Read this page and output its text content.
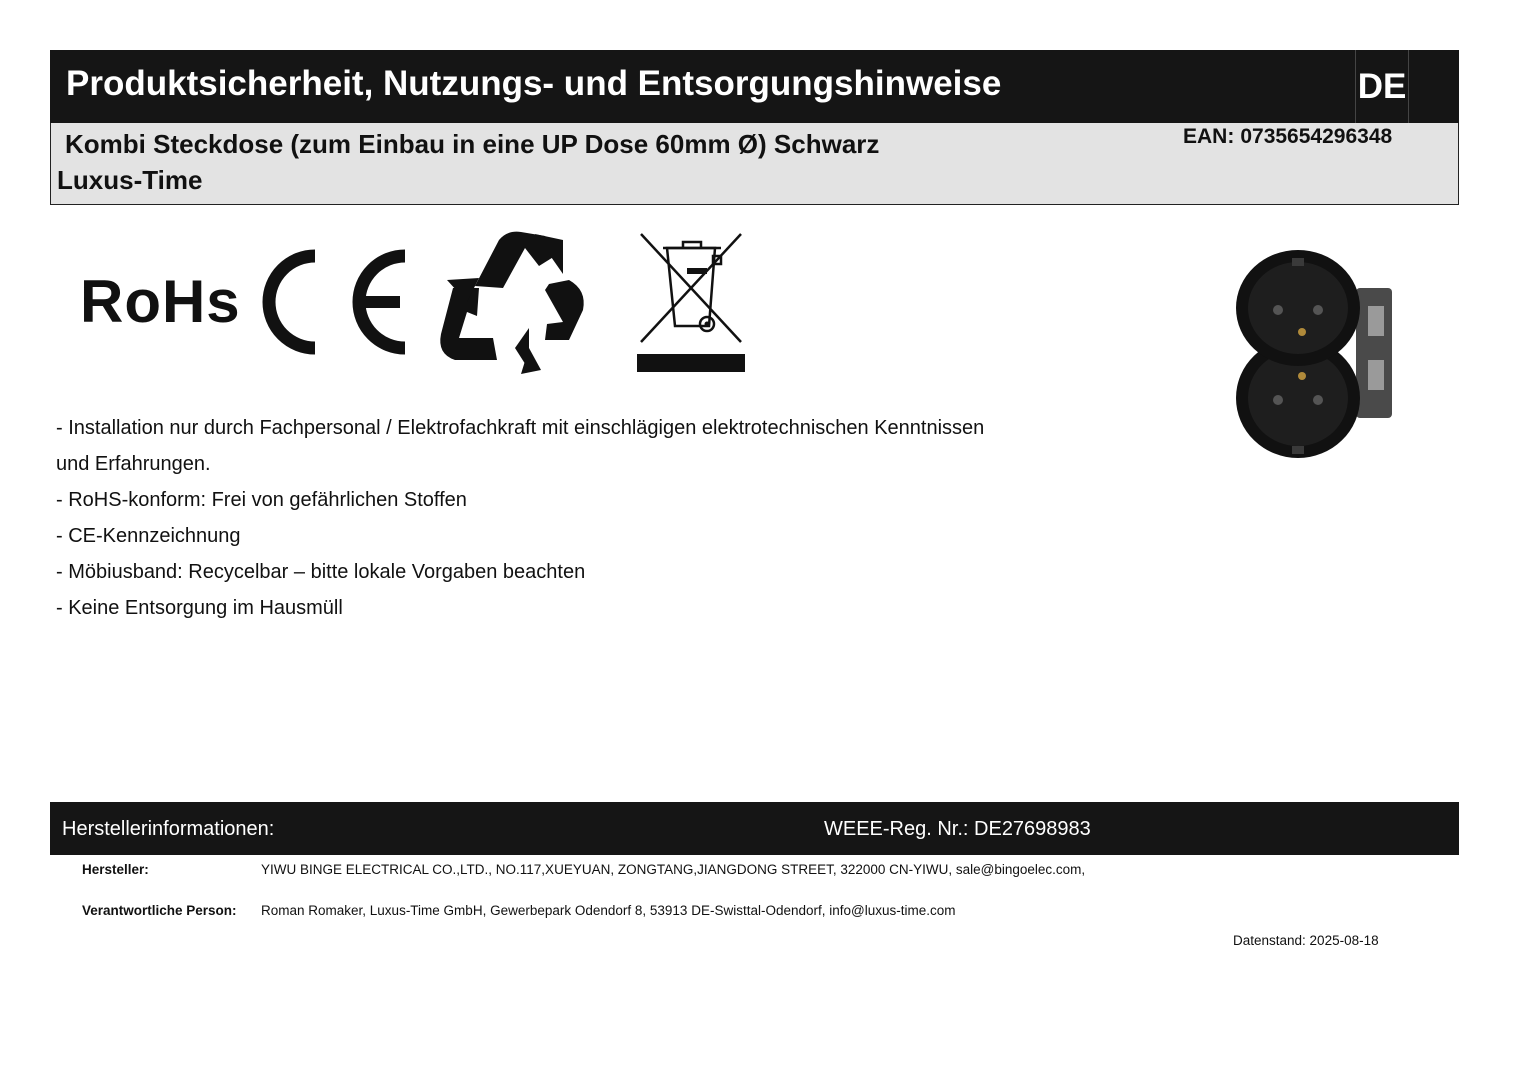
Produktsicherheit, Nutzungs- und Entsorgungshinweise	DE
Kombi Steckdose (zum Einbau in eine UP Dose 60mm Ø) Schwarz
Luxus-Time
EAN: 0735654296348
RoHs
- Installation nur durch Fachpersonal / Elektrofachkraft mit einschlägigen elektrotechnischen Kenntnissen
und Erfahrungen.
- RoHS-konform: Frei von gefährlichen Stoffen
- CE-Kennzeichnung
- Möbiusband: Recycelbar – bitte lokale Vorgaben beachten
- Keine Entsorgung im Hausmüll
Herstellerinformationen:	WEEE-Reg. Nr.: DE27698983
Hersteller:	YIWU BINGE ELECTRICAL CO.,LTD., NO.117,XUEYUAN, ZONGTANG,JIANGDONG STREET, 322000 CN-YIWU, sale@bingoelec.com,
Verantwortliche Person: Roman Romaker, Luxus-Time GmbH, Gewerbepark Odendorf 8, 53913 DE-Swisttal-Odendorf, info@luxus-time.com
Datenstand: 2025-08-18
